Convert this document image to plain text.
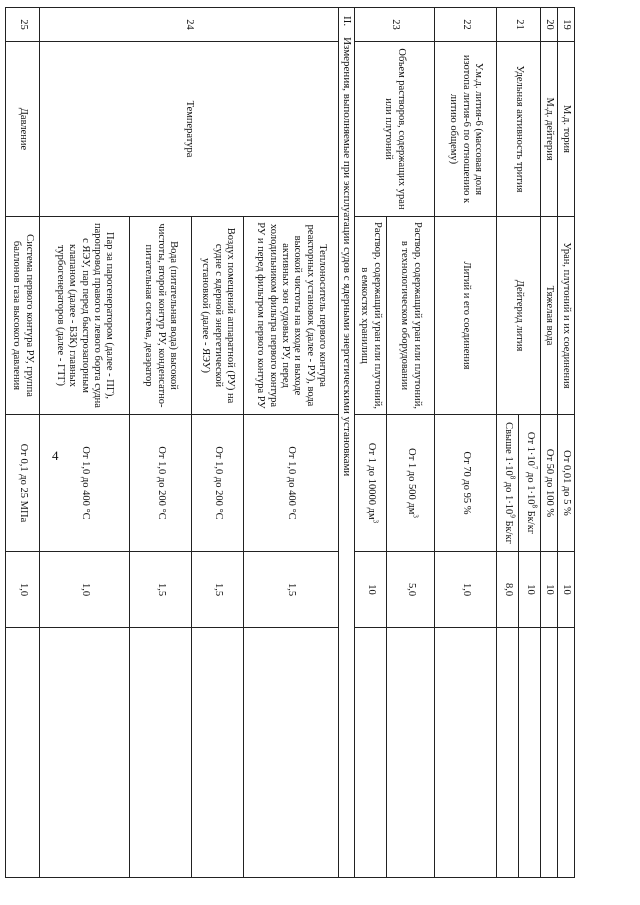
4
19	М.д. тория	Уран, плутоний и их соединения	От 0,01 до 5 %	10	
20	М.д. дейтерия	Тяжелая вода	От 50 до 100 %	10	
21	Удельная активность трития	Дейтерид лития	От $1\cdot 10^7$ до $1\cdot 10^8$ Бк/кг	10	
			Свыше $1\cdot 10^8$ до $1\cdot 10^9$ Бк/кг	8,0	
22	У.м.д. лития-6 (массовая доля изотопа лития-6 по отношению к литию общему)	Литий и его соединения	От 70 до 95 %	1,0	
23	Объем растворов, содержащих уран или плутоний	Раствор, содержащий уран или плутоний, в технологическом оборудовании	От 1 до 500 $дм^3$	5,0	
		Раствор, содержащий уран или плутоний, в емкостях хранилищ	От 1 до 10000 $дм^3$	10	
II.    Измерения, выполняемые при эксплуатации судов с ядерными энергетическими установками					
24	Температура	Теплоноситель первого контура реакторных установок (далее - РУ), вода высокой чистоты на входе и выходе активных зон судовых РУ, перед холодильником фильтра первого контура РУ и перед фильтром первого контура РУ	От 1,0 до 400 °С	1,5	
		Воздух помещений аппаратной (РУ) на судне с ядерной энергетической установкой (далее - ЯЭУ)	От 1,0 до 200 °С	1,5	
		Вода (питательная вода) высокой чистоты, второй контур РУ, конденсатно-питательная система, деаэратор	От 1,0 до 200 °С	1,5	
		Пар за парогенератором (далее - ПГ), паропровод правого и левого борта судна с ЯЭУ, пар перед быстрозапорным клапаном (далее - БЗК) главных турбогенераторов (далее - ГТГ)	От 1,0 до 400 °С	1,0	
25	Давление	Система первого контура РУ, группа баллонов газа высокого давления	От 0,1 до 25 МПа	1,0	
